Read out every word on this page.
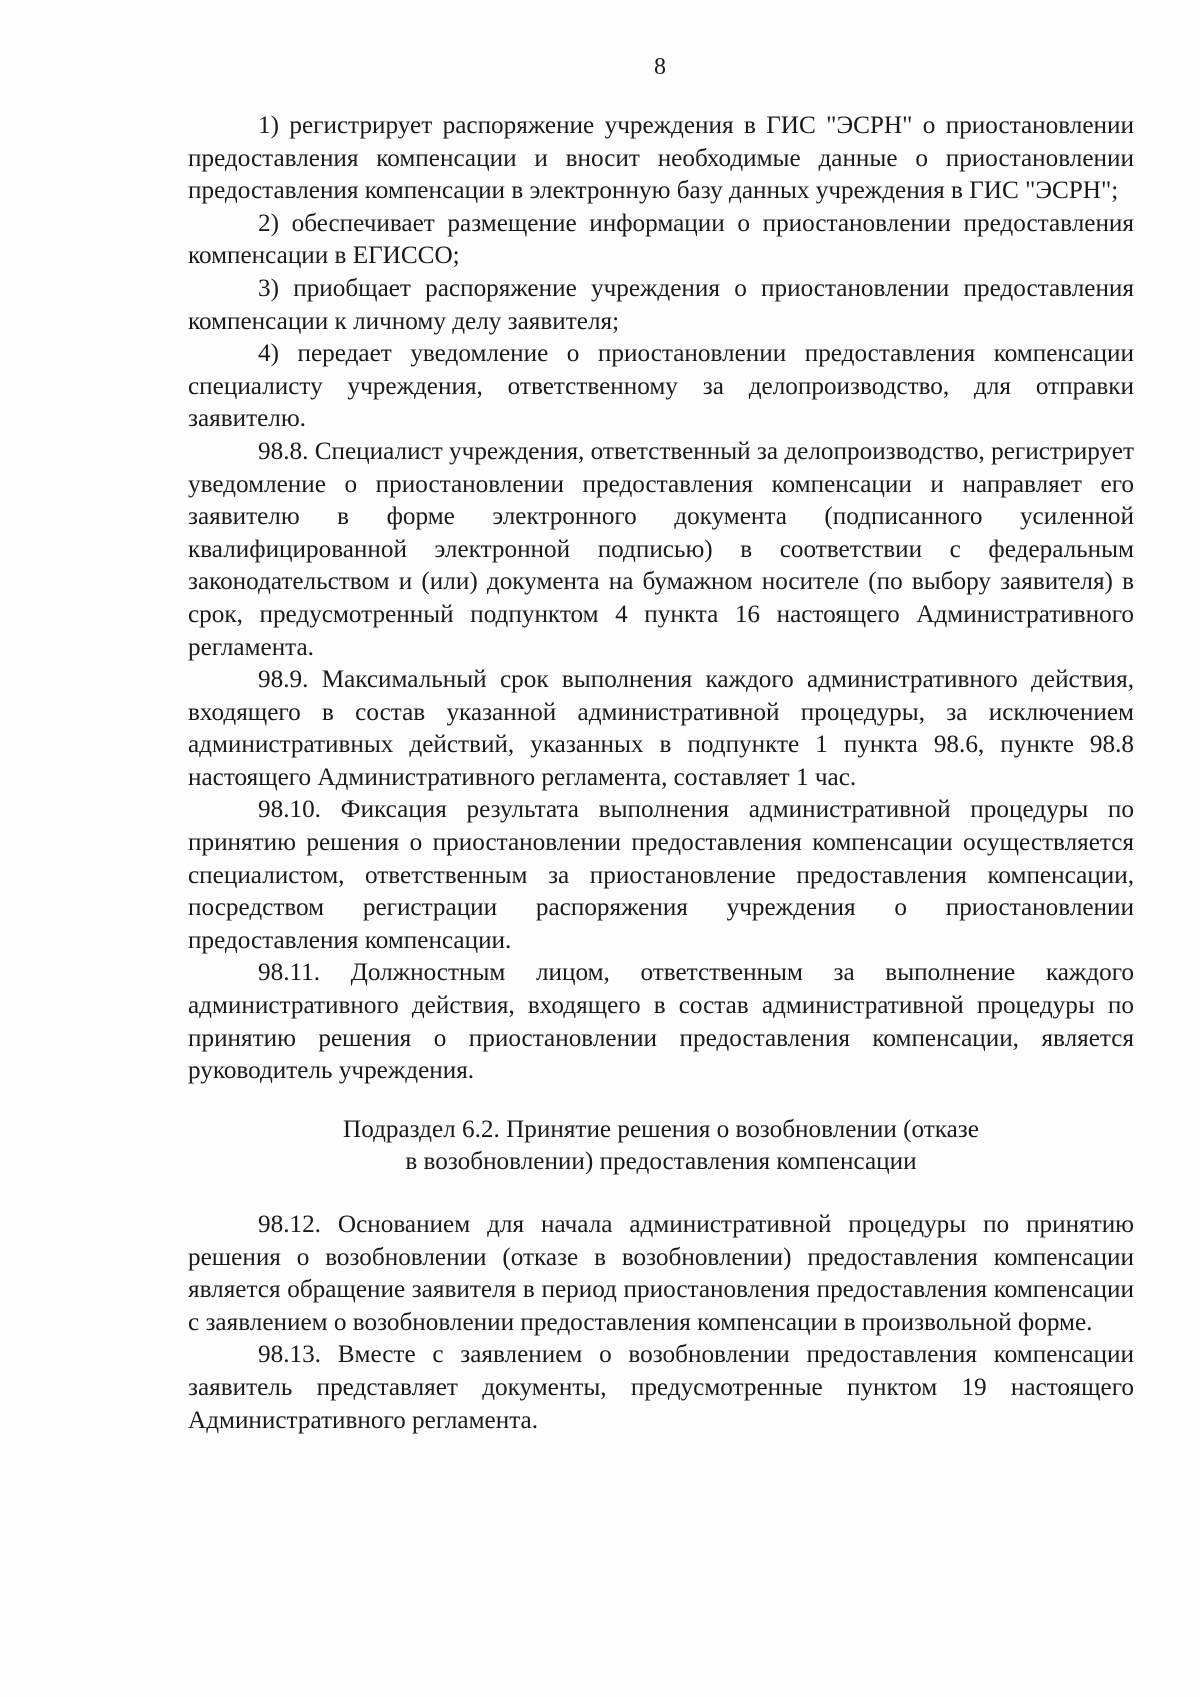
8

1) регистрирует распоряжение учреждения в ГИС "ЭСРН" о приостановлении предоставления компенсации и вносит необходимые данные о приостановлении предоставления компенсации в электронную базу данных учреждения в ГИС "ЭСРН";

2) обеспечивает размещение информации о приостановлении предоставления компенсации в ЕГИССО;

3) приобщает распоряжение учреждения о приостановлении предоставления компенсации к личному делу заявителя;

4) передает уведомление о приостановлении предоставления компенсации специалисту учреждения, ответственному за делопроизводство, для отправки заявителю.

98.8. Специалист учреждения, ответственный за делопроизводство, регистрирует уведомление о приостановлении предоставления компенсации и направляет его заявителю в форме электронного документа (подписанного усиленной квалифицированной электронной подписью) в соответствии с федеральным законодательством и (или) документа на бумажном носителе (по выбору заявителя) в срок, предусмотренный подпунктом 4 пункта 16 настоящего Административного регламента.

98.9. Максимальный срок выполнения каждого административного действия, входящего в состав указанной административной процедуры, за исключением административных действий, указанных в подпункте 1 пункта 98.6, пункте 98.8 настоящего Административного регламента, составляет 1 час.

98.10. Фиксация результата выполнения административной процедуры по принятию решения о приостановлении предоставления компенсации осуществляется специалистом, ответственным за приостановление предоставления компенсации, посредством регистрации распоряжения учреждения о приостановлении предоставления компенсации.

98.11. Должностным лицом, ответственным за выполнение каждого административного действия, входящего в состав административной процедуры по принятию решения о приостановлении предоставления компенсации, является руководитель учреждения.

Подраздел 6.2. Принятие решения о возобновлении (отказе
в возобновлении) предоставления компенсации

98.12. Основанием для начала административной процедуры по принятию решения о возобновлении (отказе в возобновлении) предоставления компенсации является обращение заявителя в период приостановления предоставления компенсации с заявлением о возобновлении предоставления компенсации в произвольной форме.

98.13. Вместе с заявлением о возобновлении предоставления компенсации заявитель представляет документы, предусмотренные пунктом 19 настоящего Административного регламента.
